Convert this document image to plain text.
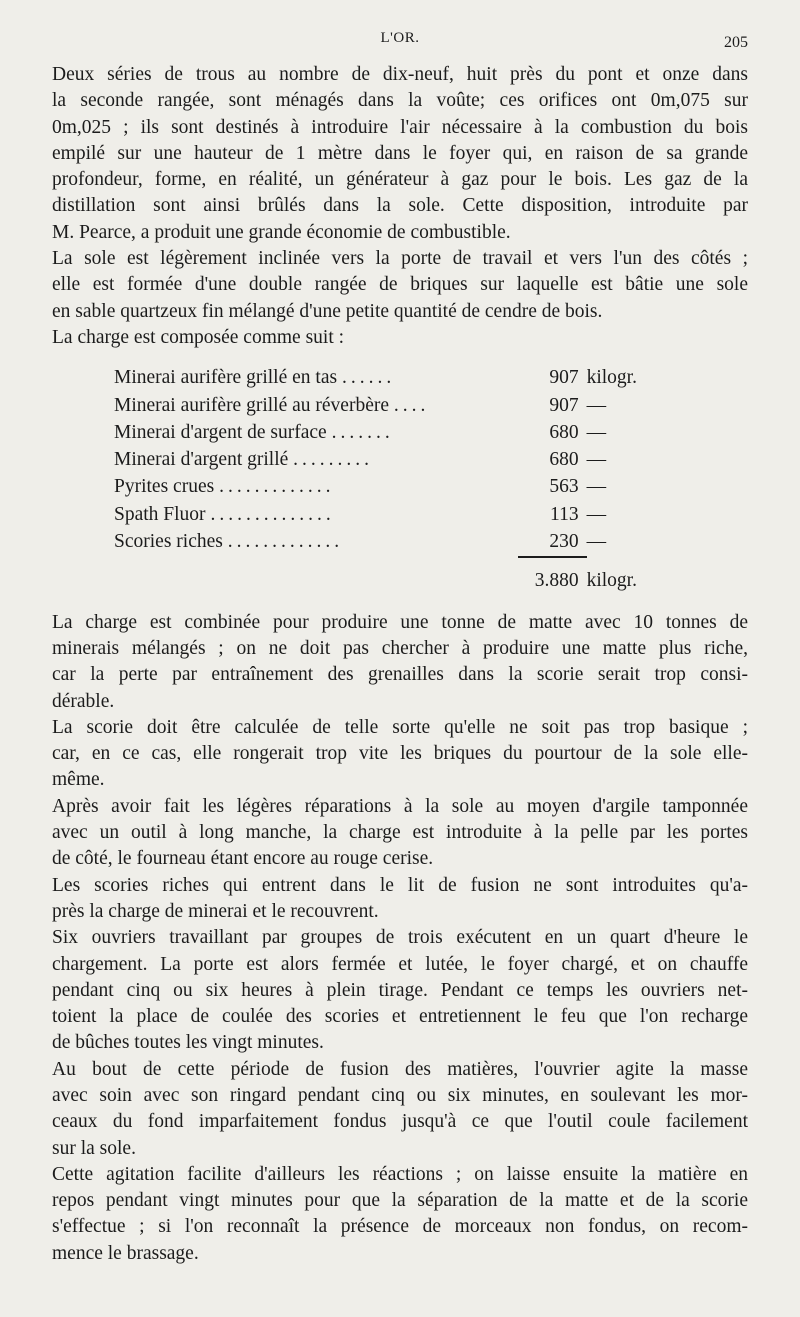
L'OR.	205

Deux séries de trous au nombre de dix-neuf, huit près du pont et onze dans
la seconde rangée, sont ménagés dans la voûte; ces orifices ont 0m,075 sur
0m,025 ; ils sont destinés à introduire l'air nécessaire à la combustion du bois
empilé sur une hauteur de 1 mètre dans le foyer qui, en raison de sa grande
profondeur, forme, en réalité, un générateur à gaz pour le bois. Les gaz de la
distillation sont ainsi brûlés dans la sole. Cette disposition, introduite par
M. Pearce, a produit une grande économie de combustible.

La sole est légèrement inclinée vers la porte de travail et vers l'un des côtés ;
elle est formée d'une double rangée de briques sur laquelle est bâtie une sole
en sable quartzeux fin mélangé d'une petite quantité de cendre de bois.

La charge est composée comme suit :

Minerai aurifère grillé en tas ......	907	kilogr.
Minerai aurifère grillé au réverbère ....	907	—
Minerai d'argent de surface .......	680	—
Minerai d'argent grillé .........	680	—
Pyrites crues .............	563	—
Spath Fluor ..............	113	—
Scories riches .............	230	—
	3.880	kilogr.

La charge est combinée pour produire une tonne de matte avec 10 tonnes de
minerais mélangés ; on ne doit pas chercher à produire une matte plus riche,
car la perte par entraînement des grenailles dans la scorie serait trop consi-
dérable.

La scorie doit être calculée de telle sorte qu'elle ne soit pas trop basique ;
car, en ce cas, elle rongerait trop vite les briques du pourtour de la sole elle-
même.

Après avoir fait les légères réparations à la sole au moyen d'argile tamponnée
avec un outil à long manche, la charge est introduite à la pelle par les portes
de côté, le fourneau étant encore au rouge cerise.

Les scories riches qui entrent dans le lit de fusion ne sont introduites qu'a-
près la charge de minerai et le recouvrent.

Six ouvriers travaillant par groupes de trois exécutent en un quart d'heure le
chargement. La porte est alors fermée et lutée, le foyer chargé, et on chauffe
pendant cinq ou six heures à plein tirage. Pendant ce temps les ouvriers net-
toient la place de coulée des scories et entretiennent le feu que l'on recharge
de bûches toutes les vingt minutes.

Au bout de cette période de fusion des matières, l'ouvrier agite la masse
avec soin avec son ringard pendant cinq ou six minutes, en soulevant les mor-
ceaux du fond imparfaitement fondus jusqu'à ce que l'outil coule facilement
sur la sole.

Cette agitation facilite d'ailleurs les réactions ; on laisse ensuite la matière en
repos pendant vingt minutes pour que la séparation de la matte et de la scorie
s'effectue ; si l'on reconnaît la présence de morceaux non fondus, on recom-
mence le brassage.
